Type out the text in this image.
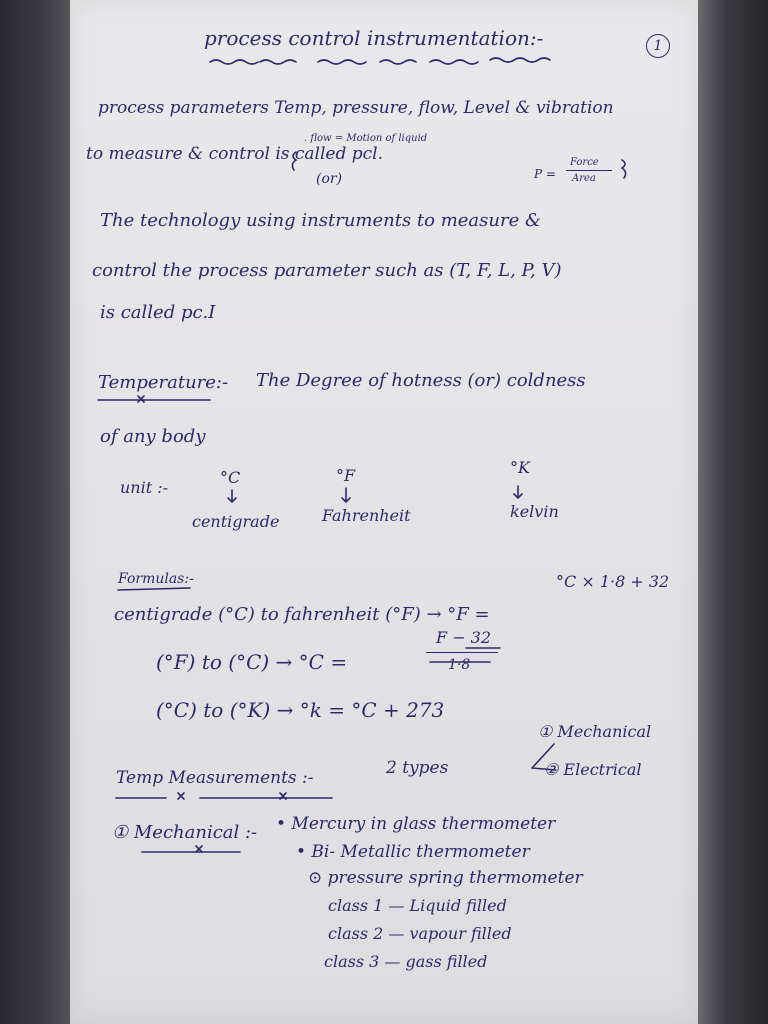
process control instrumentation:-	1
process parameters Temp, pressure, flow, Level & vibration
to measure & control is called pcl.
. flow = Motion of liquid
(or)	P =
Force
Area
The technology using instruments to measure &
control the process parameter such as (T, F, L, P, V)
is called pc.I
Temperature:- The Degree of hotness (or) coldness
of any body
unit :-
°C
centigrade
°F
Fahrenheit
°K
kelvin
Formulas:-
centigrade (°C) to fahrenheit (°F) → °F =
°C × 1·8 + 32
(°F) to (°C) → °C =
F − 32
1·8
(°C) to (°K) → °k = °C + 273
Temp Measurements :-	2 types
① Mechanical
② Electrical
① Mechanical :- • Mercury in glass thermometer
• Bi- Metallic thermometer
⊙ pressure spring thermometer
class 1 — Liquid filled
class 2 — vapour filled
class 3 — gass filled
